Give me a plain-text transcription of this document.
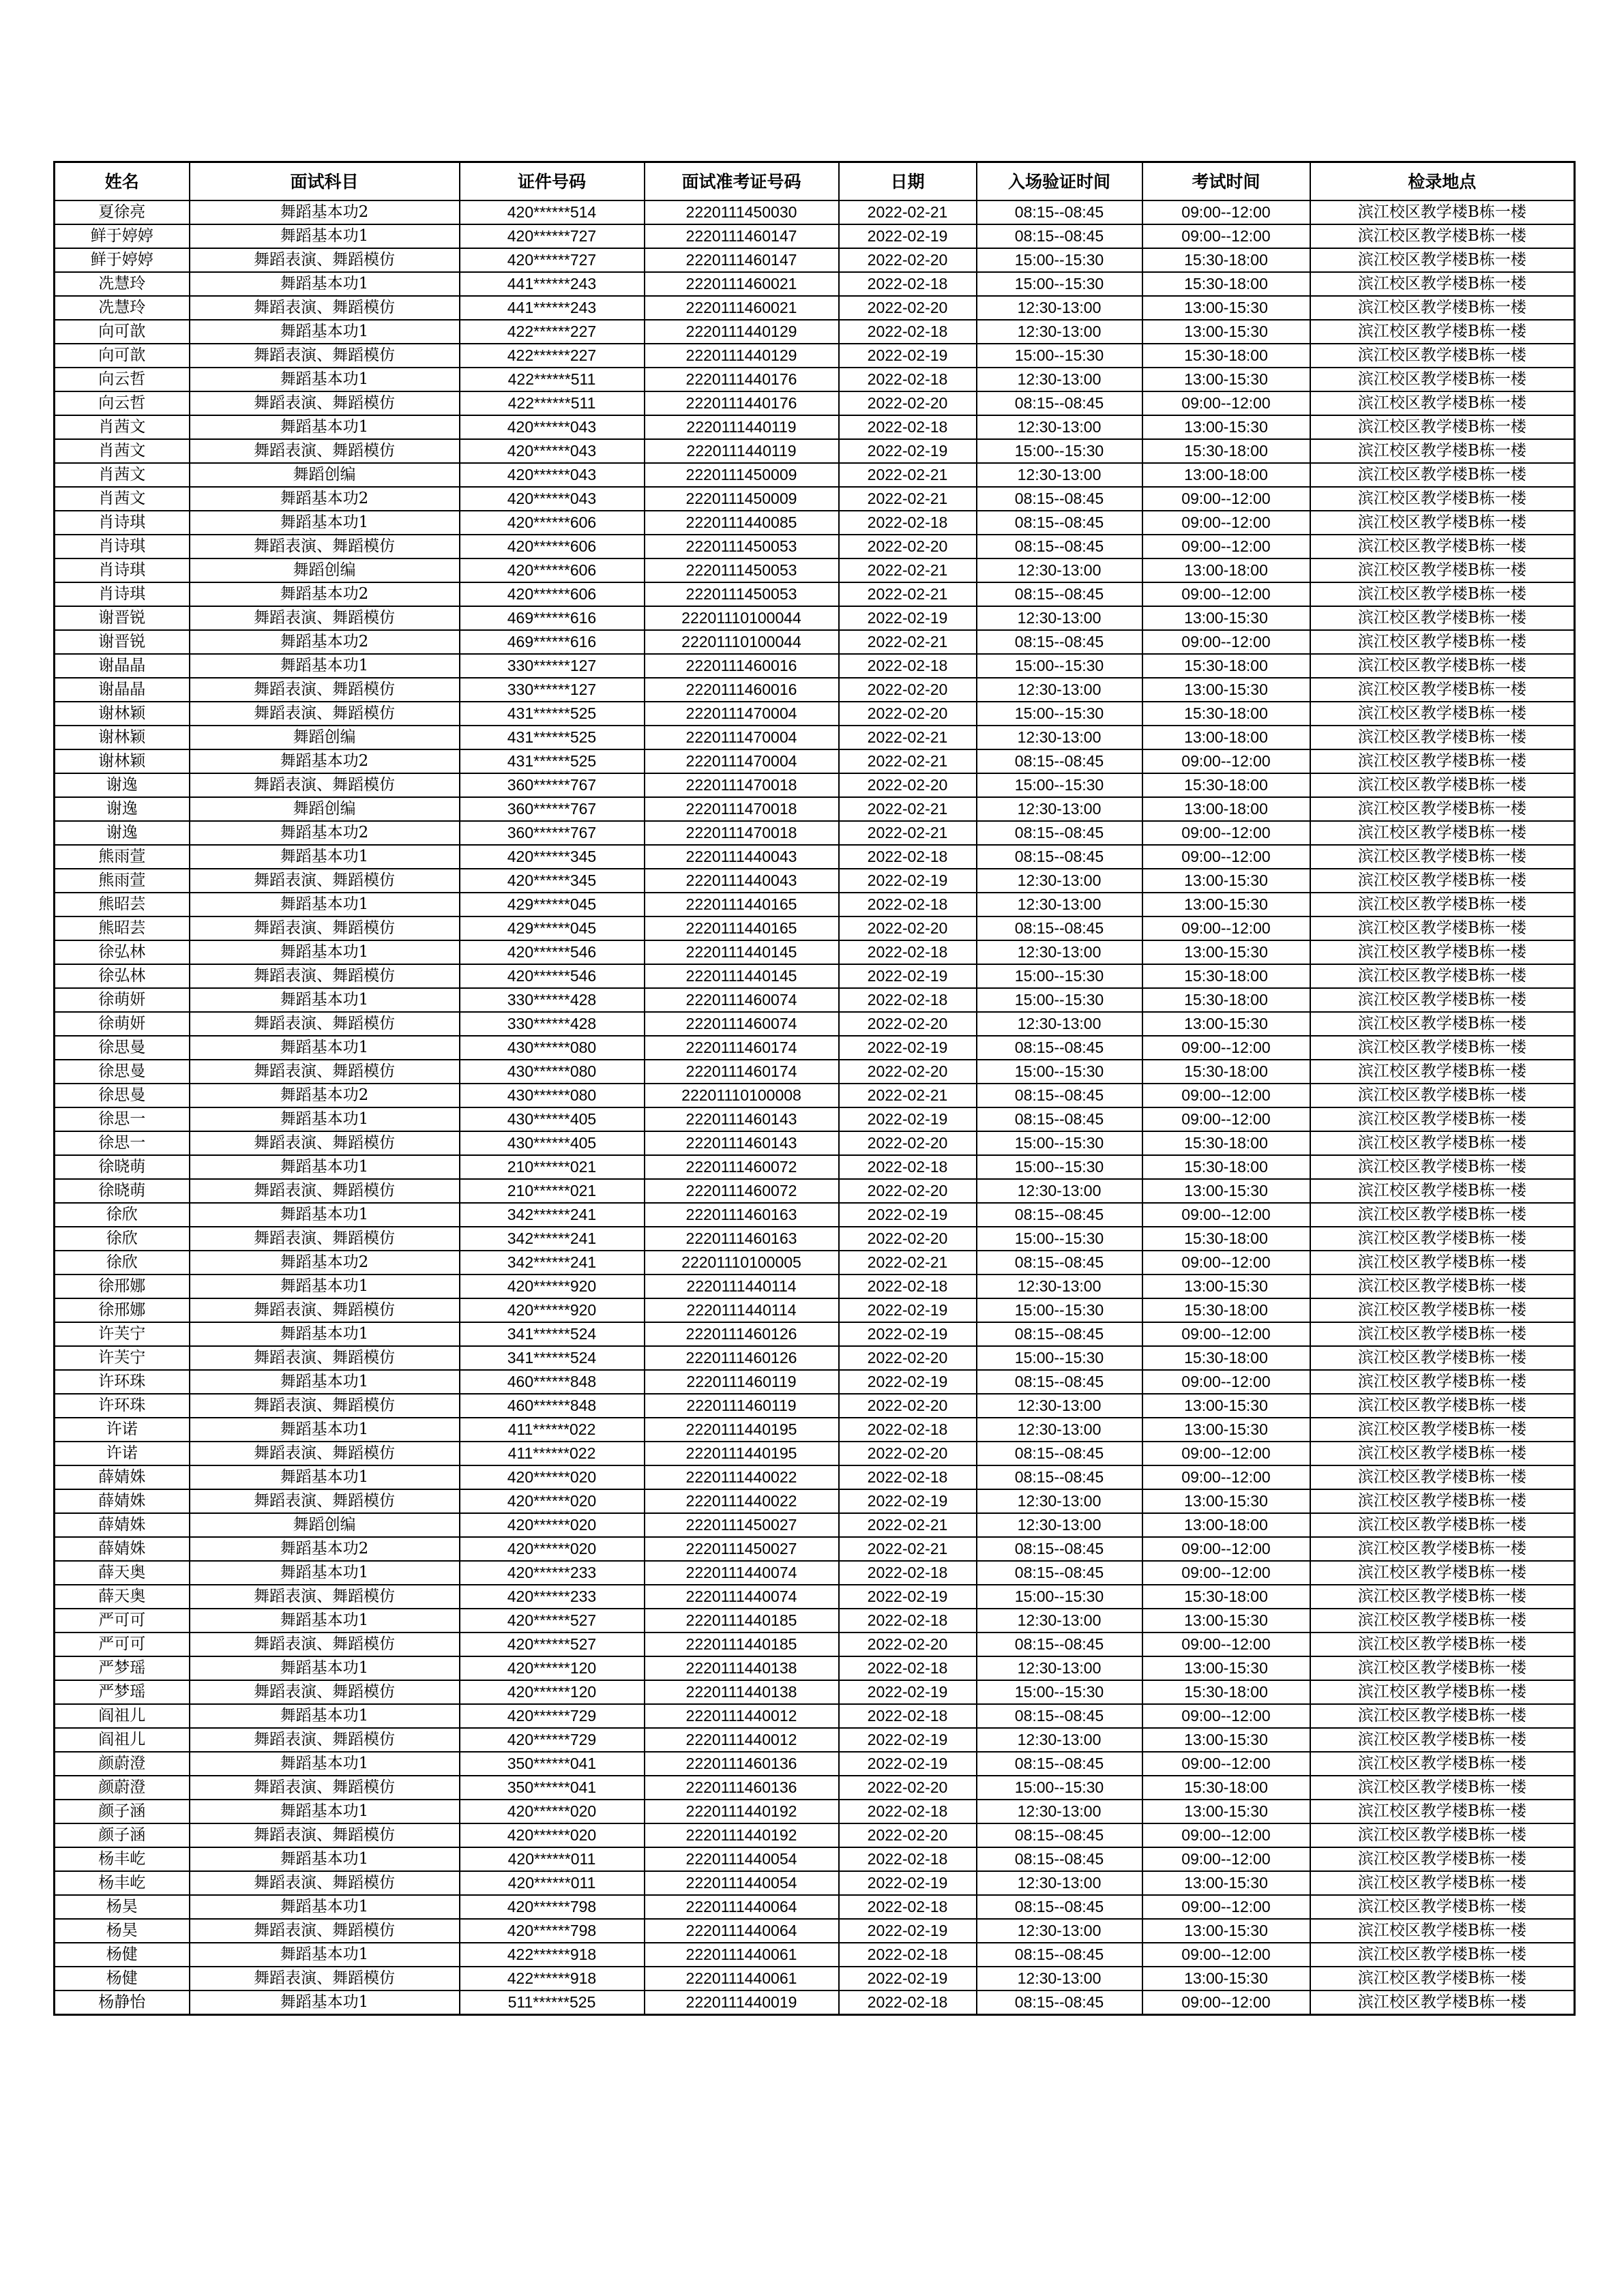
姓名	面试科目	证件号码	面试准考证号码	日期	入场验证时间	考试时间	检录地点
夏徐亮	舞蹈基本功2	420******514	2220111450030	2022-02-21	08:15--08:45	09:00--12:00	滨江校区教学楼B栋一楼
鲜于婷婷	舞蹈基本功1	420******727	2220111460147	2022-02-19	08:15--08:45	09:00--12:00	滨江校区教学楼B栋一楼
鲜于婷婷	舞蹈表演、舞蹈模仿	420******727	2220111460147	2022-02-20	15:00--15:30	15:30-18:00	滨江校区教学楼B栋一楼
冼慧玲	舞蹈基本功1	441******243	2220111460021	2022-02-18	15:00--15:30	15:30-18:00	滨江校区教学楼B栋一楼
冼慧玲	舞蹈表演、舞蹈模仿	441******243	2220111460021	2022-02-20	12:30-13:00	13:00-15:30	滨江校区教学楼B栋一楼
向可歆	舞蹈基本功1	422******227	2220111440129	2022-02-18	12:30-13:00	13:00-15:30	滨江校区教学楼B栋一楼
向可歆	舞蹈表演、舞蹈模仿	422******227	2220111440129	2022-02-19	15:00--15:30	15:30-18:00	滨江校区教学楼B栋一楼
向云哲	舞蹈基本功1	422******511	2220111440176	2022-02-18	12:30-13:00	13:00-15:30	滨江校区教学楼B栋一楼
向云哲	舞蹈表演、舞蹈模仿	422******511	2220111440176	2022-02-20	08:15--08:45	09:00--12:00	滨江校区教学楼B栋一楼
肖茜文	舞蹈基本功1	420******043	2220111440119	2022-02-18	12:30-13:00	13:00-15:30	滨江校区教学楼B栋一楼
肖茜文	舞蹈表演、舞蹈模仿	420******043	2220111440119	2022-02-19	15:00--15:30	15:30-18:00	滨江校区教学楼B栋一楼
肖茜文	舞蹈创编	420******043	2220111450009	2022-02-21	12:30-13:00	13:00-18:00	滨江校区教学楼B栋一楼
肖茜文	舞蹈基本功2	420******043	2220111450009	2022-02-21	08:15--08:45	09:00--12:00	滨江校区教学楼B栋一楼
肖诗琪	舞蹈基本功1	420******606	2220111440085	2022-02-18	08:15--08:45	09:00--12:00	滨江校区教学楼B栋一楼
肖诗琪	舞蹈表演、舞蹈模仿	420******606	2220111450053	2022-02-20	08:15--08:45	09:00--12:00	滨江校区教学楼B栋一楼
肖诗琪	舞蹈创编	420******606	2220111450053	2022-02-21	12:30-13:00	13:00-18:00	滨江校区教学楼B栋一楼
肖诗琪	舞蹈基本功2	420******606	2220111450053	2022-02-21	08:15--08:45	09:00--12:00	滨江校区教学楼B栋一楼
谢晋锐	舞蹈表演、舞蹈模仿	469******616	22201110100044	2022-02-19	12:30-13:00	13:00-15:30	滨江校区教学楼B栋一楼
谢晋锐	舞蹈基本功2	469******616	22201110100044	2022-02-21	08:15--08:45	09:00--12:00	滨江校区教学楼B栋一楼
谢晶晶	舞蹈基本功1	330******127	2220111460016	2022-02-18	15:00--15:30	15:30-18:00	滨江校区教学楼B栋一楼
谢晶晶	舞蹈表演、舞蹈模仿	330******127	2220111460016	2022-02-20	12:30-13:00	13:00-15:30	滨江校区教学楼B栋一楼
谢林颖	舞蹈表演、舞蹈模仿	431******525	2220111470004	2022-02-20	15:00--15:30	15:30-18:00	滨江校区教学楼B栋一楼
谢林颖	舞蹈创编	431******525	2220111470004	2022-02-21	12:30-13:00	13:00-18:00	滨江校区教学楼B栋一楼
谢林颖	舞蹈基本功2	431******525	2220111470004	2022-02-21	08:15--08:45	09:00--12:00	滨江校区教学楼B栋一楼
谢逸	舞蹈表演、舞蹈模仿	360******767	2220111470018	2022-02-20	15:00--15:30	15:30-18:00	滨江校区教学楼B栋一楼
谢逸	舞蹈创编	360******767	2220111470018	2022-02-21	12:30-13:00	13:00-18:00	滨江校区教学楼B栋一楼
谢逸	舞蹈基本功2	360******767	2220111470018	2022-02-21	08:15--08:45	09:00--12:00	滨江校区教学楼B栋一楼
熊雨萱	舞蹈基本功1	420******345	2220111440043	2022-02-18	08:15--08:45	09:00--12:00	滨江校区教学楼B栋一楼
熊雨萱	舞蹈表演、舞蹈模仿	420******345	2220111440043	2022-02-19	12:30-13:00	13:00-15:30	滨江校区教学楼B栋一楼
熊昭芸	舞蹈基本功1	429******045	2220111440165	2022-02-18	12:30-13:00	13:00-15:30	滨江校区教学楼B栋一楼
熊昭芸	舞蹈表演、舞蹈模仿	429******045	2220111440165	2022-02-20	08:15--08:45	09:00--12:00	滨江校区教学楼B栋一楼
徐弘林	舞蹈基本功1	420******546	2220111440145	2022-02-18	12:30-13:00	13:00-15:30	滨江校区教学楼B栋一楼
徐弘林	舞蹈表演、舞蹈模仿	420******546	2220111440145	2022-02-19	15:00--15:30	15:30-18:00	滨江校区教学楼B栋一楼
徐萌妍	舞蹈基本功1	330******428	2220111460074	2022-02-18	15:00--15:30	15:30-18:00	滨江校区教学楼B栋一楼
徐萌妍	舞蹈表演、舞蹈模仿	330******428	2220111460074	2022-02-20	12:30-13:00	13:00-15:30	滨江校区教学楼B栋一楼
徐思曼	舞蹈基本功1	430******080	2220111460174	2022-02-19	08:15--08:45	09:00--12:00	滨江校区教学楼B栋一楼
徐思曼	舞蹈表演、舞蹈模仿	430******080	2220111460174	2022-02-20	15:00--15:30	15:30-18:00	滨江校区教学楼B栋一楼
徐思曼	舞蹈基本功2	430******080	22201110100008	2022-02-21	08:15--08:45	09:00--12:00	滨江校区教学楼B栋一楼
徐思一	舞蹈基本功1	430******405	2220111460143	2022-02-19	08:15--08:45	09:00--12:00	滨江校区教学楼B栋一楼
徐思一	舞蹈表演、舞蹈模仿	430******405	2220111460143	2022-02-20	15:00--15:30	15:30-18:00	滨江校区教学楼B栋一楼
徐晓萌	舞蹈基本功1	210******021	2220111460072	2022-02-18	15:00--15:30	15:30-18:00	滨江校区教学楼B栋一楼
徐晓萌	舞蹈表演、舞蹈模仿	210******021	2220111460072	2022-02-20	12:30-13:00	13:00-15:30	滨江校区教学楼B栋一楼
徐欣	舞蹈基本功1	342******241	2220111460163	2022-02-19	08:15--08:45	09:00--12:00	滨江校区教学楼B栋一楼
徐欣	舞蹈表演、舞蹈模仿	342******241	2220111460163	2022-02-20	15:00--15:30	15:30-18:00	滨江校区教学楼B栋一楼
徐欣	舞蹈基本功2	342******241	22201110100005	2022-02-21	08:15--08:45	09:00--12:00	滨江校区教学楼B栋一楼
徐邢娜	舞蹈基本功1	420******920	2220111440114	2022-02-18	12:30-13:00	13:00-15:30	滨江校区教学楼B栋一楼
徐邢娜	舞蹈表演、舞蹈模仿	420******920	2220111440114	2022-02-19	15:00--15:30	15:30-18:00	滨江校区教学楼B栋一楼
许芙宁	舞蹈基本功1	341******524	2220111460126	2022-02-19	08:15--08:45	09:00--12:00	滨江校区教学楼B栋一楼
许芙宁	舞蹈表演、舞蹈模仿	341******524	2220111460126	2022-02-20	15:00--15:30	15:30-18:00	滨江校区教学楼B栋一楼
许环珠	舞蹈基本功1	460******848	2220111460119	2022-02-19	08:15--08:45	09:00--12:00	滨江校区教学楼B栋一楼
许环珠	舞蹈表演、舞蹈模仿	460******848	2220111460119	2022-02-20	12:30-13:00	13:00-15:30	滨江校区教学楼B栋一楼
许诺	舞蹈基本功1	411******022	2220111440195	2022-02-18	12:30-13:00	13:00-15:30	滨江校区教学楼B栋一楼
许诺	舞蹈表演、舞蹈模仿	411******022	2220111440195	2022-02-20	08:15--08:45	09:00--12:00	滨江校区教学楼B栋一楼
薛婧姝	舞蹈基本功1	420******020	2220111440022	2022-02-18	08:15--08:45	09:00--12:00	滨江校区教学楼B栋一楼
薛婧姝	舞蹈表演、舞蹈模仿	420******020	2220111440022	2022-02-19	12:30-13:00	13:00-15:30	滨江校区教学楼B栋一楼
薛婧姝	舞蹈创编	420******020	2220111450027	2022-02-21	12:30-13:00	13:00-18:00	滨江校区教学楼B栋一楼
薛婧姝	舞蹈基本功2	420******020	2220111450027	2022-02-21	08:15--08:45	09:00--12:00	滨江校区教学楼B栋一楼
薛天奥	舞蹈基本功1	420******233	2220111440074	2022-02-18	08:15--08:45	09:00--12:00	滨江校区教学楼B栋一楼
薛天奥	舞蹈表演、舞蹈模仿	420******233	2220111440074	2022-02-19	15:00--15:30	15:30-18:00	滨江校区教学楼B栋一楼
严可可	舞蹈基本功1	420******527	2220111440185	2022-02-18	12:30-13:00	13:00-15:30	滨江校区教学楼B栋一楼
严可可	舞蹈表演、舞蹈模仿	420******527	2220111440185	2022-02-20	08:15--08:45	09:00--12:00	滨江校区教学楼B栋一楼
严梦瑶	舞蹈基本功1	420******120	2220111440138	2022-02-18	12:30-13:00	13:00-15:30	滨江校区教学楼B栋一楼
严梦瑶	舞蹈表演、舞蹈模仿	420******120	2220111440138	2022-02-19	15:00--15:30	15:30-18:00	滨江校区教学楼B栋一楼
阎祖儿	舞蹈基本功1	420******729	2220111440012	2022-02-18	08:15--08:45	09:00--12:00	滨江校区教学楼B栋一楼
阎祖儿	舞蹈表演、舞蹈模仿	420******729	2220111440012	2022-02-19	12:30-13:00	13:00-15:30	滨江校区教学楼B栋一楼
颜蔚澄	舞蹈基本功1	350******041	2220111460136	2022-02-19	08:15--08:45	09:00--12:00	滨江校区教学楼B栋一楼
颜蔚澄	舞蹈表演、舞蹈模仿	350******041	2220111460136	2022-02-20	15:00--15:30	15:30-18:00	滨江校区教学楼B栋一楼
颜子涵	舞蹈基本功1	420******020	2220111440192	2022-02-18	12:30-13:00	13:00-15:30	滨江校区教学楼B栋一楼
颜子涵	舞蹈表演、舞蹈模仿	420******020	2220111440192	2022-02-20	08:15--08:45	09:00--12:00	滨江校区教学楼B栋一楼
杨丰屹	舞蹈基本功1	420******011	2220111440054	2022-02-18	08:15--08:45	09:00--12:00	滨江校区教学楼B栋一楼
杨丰屹	舞蹈表演、舞蹈模仿	420******011	2220111440054	2022-02-19	12:30-13:00	13:00-15:30	滨江校区教学楼B栋一楼
杨昊	舞蹈基本功1	420******798	2220111440064	2022-02-18	08:15--08:45	09:00--12:00	滨江校区教学楼B栋一楼
杨昊	舞蹈表演、舞蹈模仿	420******798	2220111440064	2022-02-19	12:30-13:00	13:00-15:30	滨江校区教学楼B栋一楼
杨健	舞蹈基本功1	422******918	2220111440061	2022-02-18	08:15--08:45	09:00--12:00	滨江校区教学楼B栋一楼
杨健	舞蹈表演、舞蹈模仿	422******918	2220111440061	2022-02-19	12:30-13:00	13:00-15:30	滨江校区教学楼B栋一楼
杨静怡	舞蹈基本功1	511******525	2220111440019	2022-02-18	08:15--08:45	09:00--12:00	滨江校区教学楼B栋一楼
